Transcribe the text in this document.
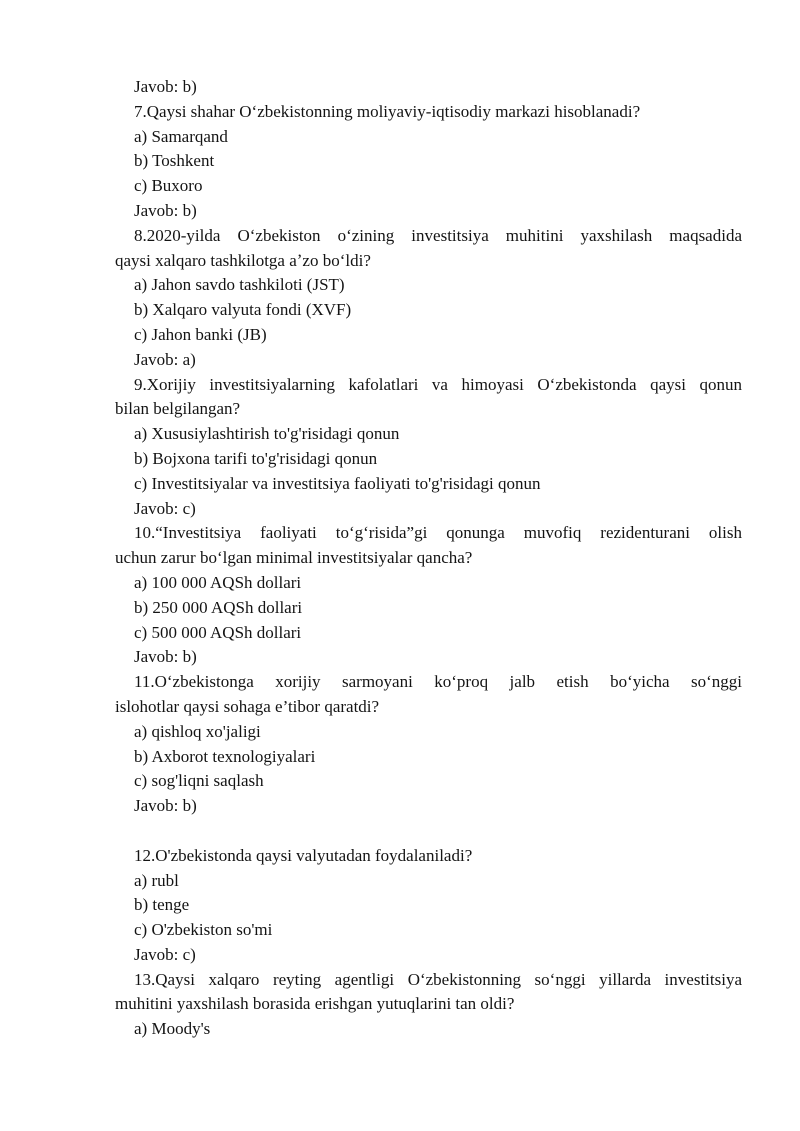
Javob: b)
7.Qaysi shahar O‘zbekistonning moliyaviy-iqtisodiy markazi hisoblanadi?
a) Samarqand
b) Toshkent
c) Buxoro
Javob: b)
8.2020-yilda O‘zbekiston o‘zining investitsiya muhitini yaxshilash maqsadida
qaysi xalqaro tashkilotga aʼzo bo‘ldi?
a) Jahon savdo tashkiloti (JST)
b) Xalqaro valyuta fondi (XVF)
c) Jahon banki (JB)
Javob: a)
9.Xorijiy investitsiyalarning kafolatlari va himoyasi O‘zbekistonda qaysi qonun
bilan belgilangan?
a) Xususiylashtirish to'g'risidagi qonun
b) Bojxona tarifi to'g'risidagi qonun
c) Investitsiyalar va investitsiya faoliyati to'g'risidagi qonun
Javob: c)
10.“Investitsiya faoliyati to‘g‘risida”gi qonunga muvofiq rezidenturani olish
uchun zarur bo‘lgan minimal investitsiyalar qancha?
a) 100 000 AQSh dollari
b) 250 000 AQSh dollari
c) 500 000 AQSh dollari
Javob: b)
11.O‘zbekistonga xorijiy sarmoyani ko‘proq jalb etish bo‘yicha so‘nggi
islohotlar qaysi sohaga e’tibor qaratdi?
a) qishloq xo'jaligi
b) Axborot texnologiyalari
c) sog'liqni saqlash
Javob: b)
12.O'zbekistonda qaysi valyutadan foydalaniladi?
a) rubl
b) tenge
c) O'zbekiston so'mi
Javob: c)
13.Qaysi xalqaro reyting agentligi O‘zbekistonning so‘nggi yillarda investitsiya
muhitini yaxshilash borasida erishgan yutuqlarini tan oldi?
a) Moody's
